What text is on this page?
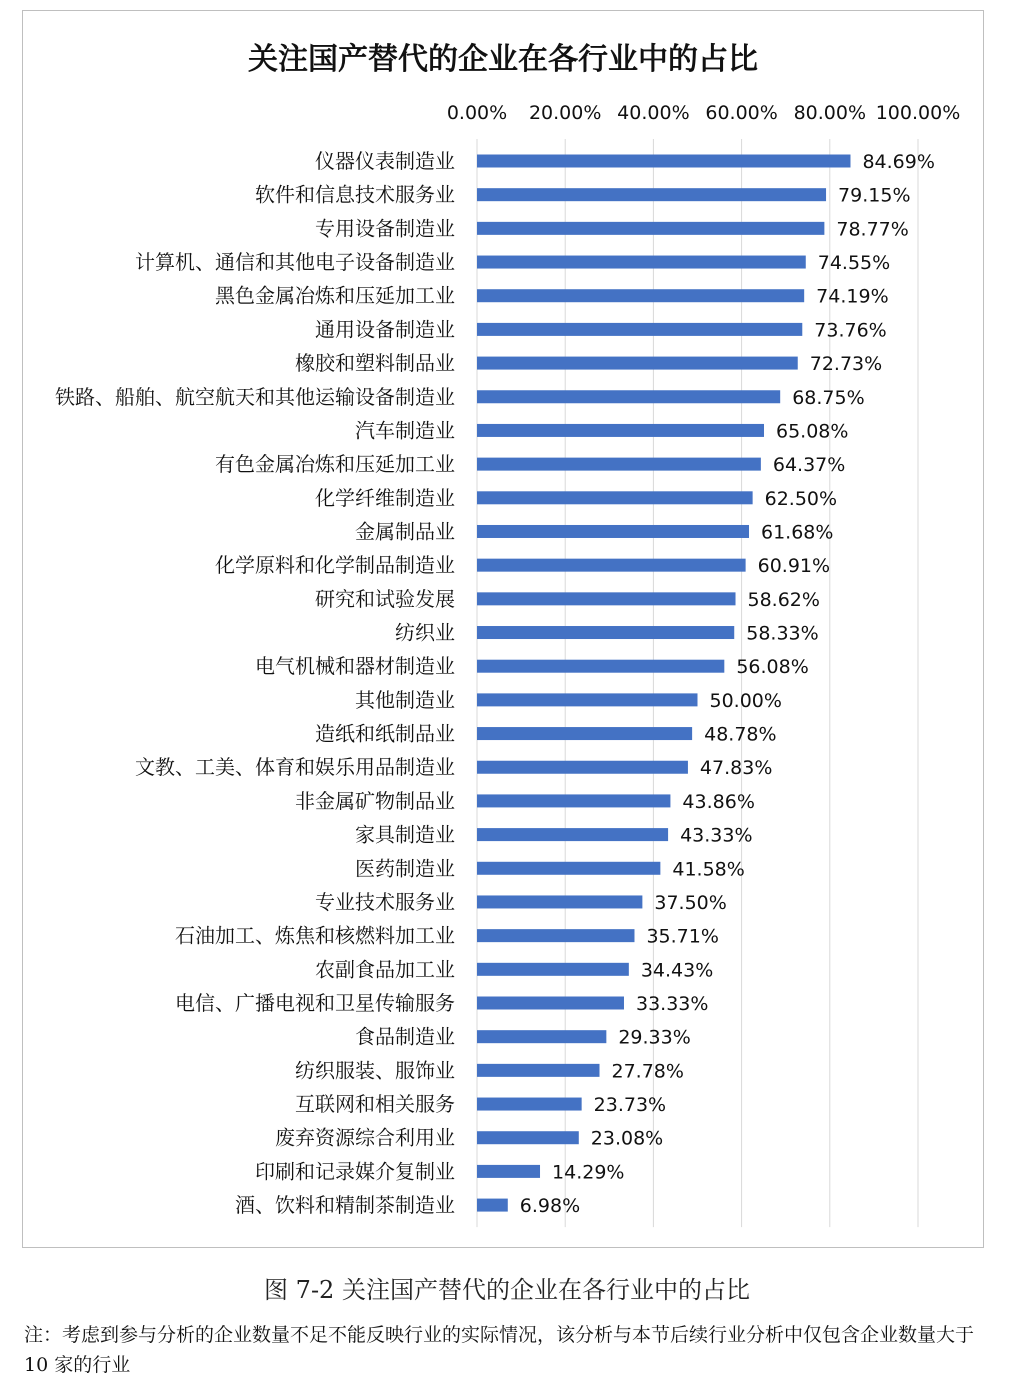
关注国产替代的企业在各行业中的占比
0.00% 20.00% 40.00% 60.00% 80.00% 100.00%
仪器仪表制造业
软件和信息技术服务业
专用设备制造业
计算机、通信和其他电子设备制造业
黑色金属冶炼和压延加工业
通用设备制造业
橡胶和塑料制品业
铁路、船舶、航空航天和其他运输设备制造业
汽车制造业
有色金属冶炼和压延加工业
化学纤维制造业
金属制品业
化学原料和化学制品制造业
研究和试验发展
纺织业
电气机械和器材制造业
其他制造业
造纸和纸制品业
文教、工美、体育和娱乐用品制造业
非金属矿物制品业
家具制造业
医药制造业
专业技术服务业
石油加工、炼焦和核燃料加工业
农副食品加工业
电信、广播电视和卫星传输服务
食品制造业
纺织服装、服饰业
互联网和相关服务
废弃资源综合利用业
印刷和记录媒介复制业
酒、饮料和精制茶制造业
84.69%
79.15%
78.77%
74.55%
74.19%
73.76%
72.73%
68.75%
65.08%
64.37%
62.50%
61.68%
60.91%
58.62%
58.33%
56.08%
50.00%
48.78%
47.83%
43.86%
43.33%
41.58%
37.50%
35.71%
34.43%
33.33%
29.33%
27.78%
23.73%
23.08%
14.29%
6.98%
图 7-2 关注国产替代的企业在各行业中的占比
注：考虑到参与分析的企业数量不足不能反映行业的实际情况，该分析与本节后续行业分析中仅包含企业数量大于 10 家的行业
